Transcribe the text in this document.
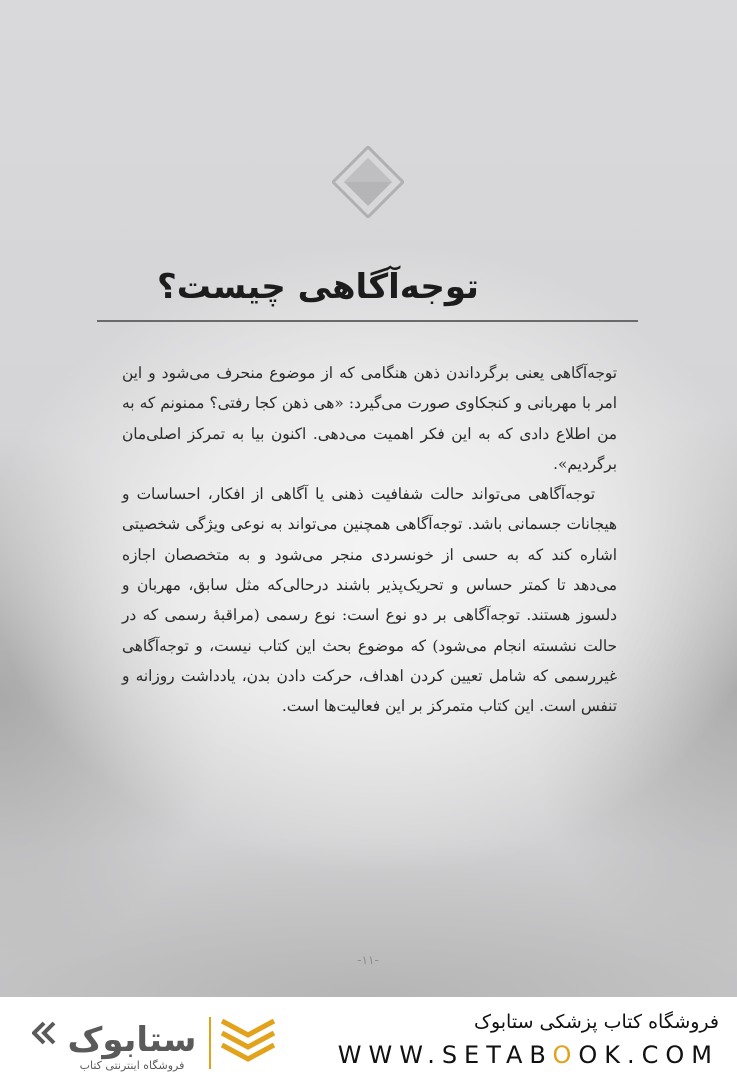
توجه‌آگاهی چیست؟

توجه‌آگاهی یعنی برگرداندن ذهن هنگامی که از موضوع منحرف می‌شود و این امر با مهربانی و کنجکاوی صورت می‌گیرد: «هی ذهن کجا رفتی؟ ممنونم که به من اطلاع دادی که به این فکر اهمیت می‌دهی. اکنون بیا به تمرکز اصلی‌مان برگردیم».

توجه‌آگاهی می‌تواند حالت شفافیت ذهنی یا آگاهی از افکار، احساسات و هیجانات جسمانی باشد. توجه‌آگاهی همچنین می‌تواند به نوعی ویژگی شخصیتی اشاره کند که به حسی از خونسردی منجر می‌شود و به متخصصان اجازه می‌دهد تا کمتر حساس و تحریک‌پذیر باشند درحالی‌که مثل سابق، مهربان و دلسوز هستند. توجه‌آگاهی بر دو نوع است: نوع رسمی (مراقبهٔ رسمی که در حالت نشسته انجام می‌شود) که موضوع بحث این کتاب نیست، و توجه‌آگاهی غیررسمی که شامل تعیین کردن اهداف، حرکت دادن بدن، یادداشت روزانه و تنفس است. این کتاب متمرکز بر این فعالیت‌ها است.

-۱۱-
ستابوک
فروشگاه اینترنتی کتاب
فروشگاه کتاب پزشکی ستابوک
WWW.SETABOOK.COM
